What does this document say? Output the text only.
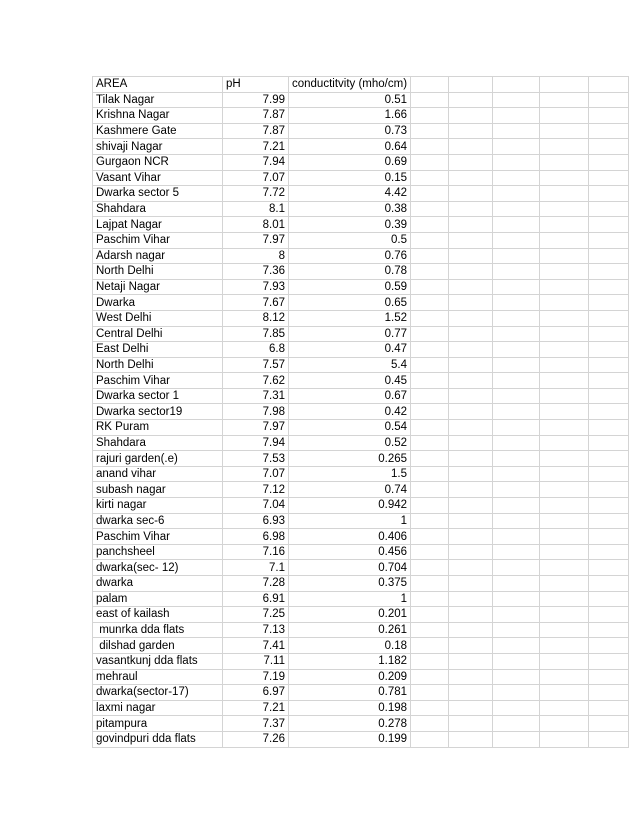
AREA	pH	conductitvity (mho/cm)					
Tilak Nagar	7.99	0.51					
Krishna Nagar	7.87	1.66					
Kashmere Gate	7.87	0.73					
shivaji Nagar	7.21	0.64					
Gurgaon NCR	7.94	0.69					
Vasant Vihar	7.07	0.15					
Dwarka sector 5	7.72	4.42					
Shahdara	8.1	0.38					
Lajpat Nagar	8.01	0.39					
Paschim Vihar	7.97	0.5					
Adarsh nagar	8	0.76					
North Delhi	7.36	0.78					
Netaji Nagar	7.93	0.59					
Dwarka	7.67	0.65					
West Delhi	8.12	1.52					
Central Delhi	7.85	0.77					
East Delhi	6.8	0.47					
North Delhi	7.57	5.4					
Paschim Vihar	7.62	0.45					
Dwarka sector 1	7.31	0.67					
Dwarka sector19	7.98	0.42					
RK Puram	7.97	0.54					
Shahdara	7.94	0.52					
rajuri garden(.e)	7.53	0.265					
anand vihar	7.07	1.5					
subash nagar	7.12	0.74					
kirti nagar	7.04	0.942					
dwarka sec-6	6.93	1					
Paschim Vihar	6.98	0.406					
panchsheel	7.16	0.456					
dwarka(sec- 12)	7.1	0.704					
dwarka	7.28	0.375					
palam	6.91	1					
east of kailash	7.25	0.201					
munrka dda flats	7.13	0.261					
dilshad garden	7.41	0.18					
vasantkunj dda flats	7.11	1.182					
mehraul	7.19	0.209					
dwarka(sector-17)	6.97	0.781					
laxmi nagar	7.21	0.198					
pitampura	7.37	0.278					
govindpuri dda flats	7.26	0.199					
